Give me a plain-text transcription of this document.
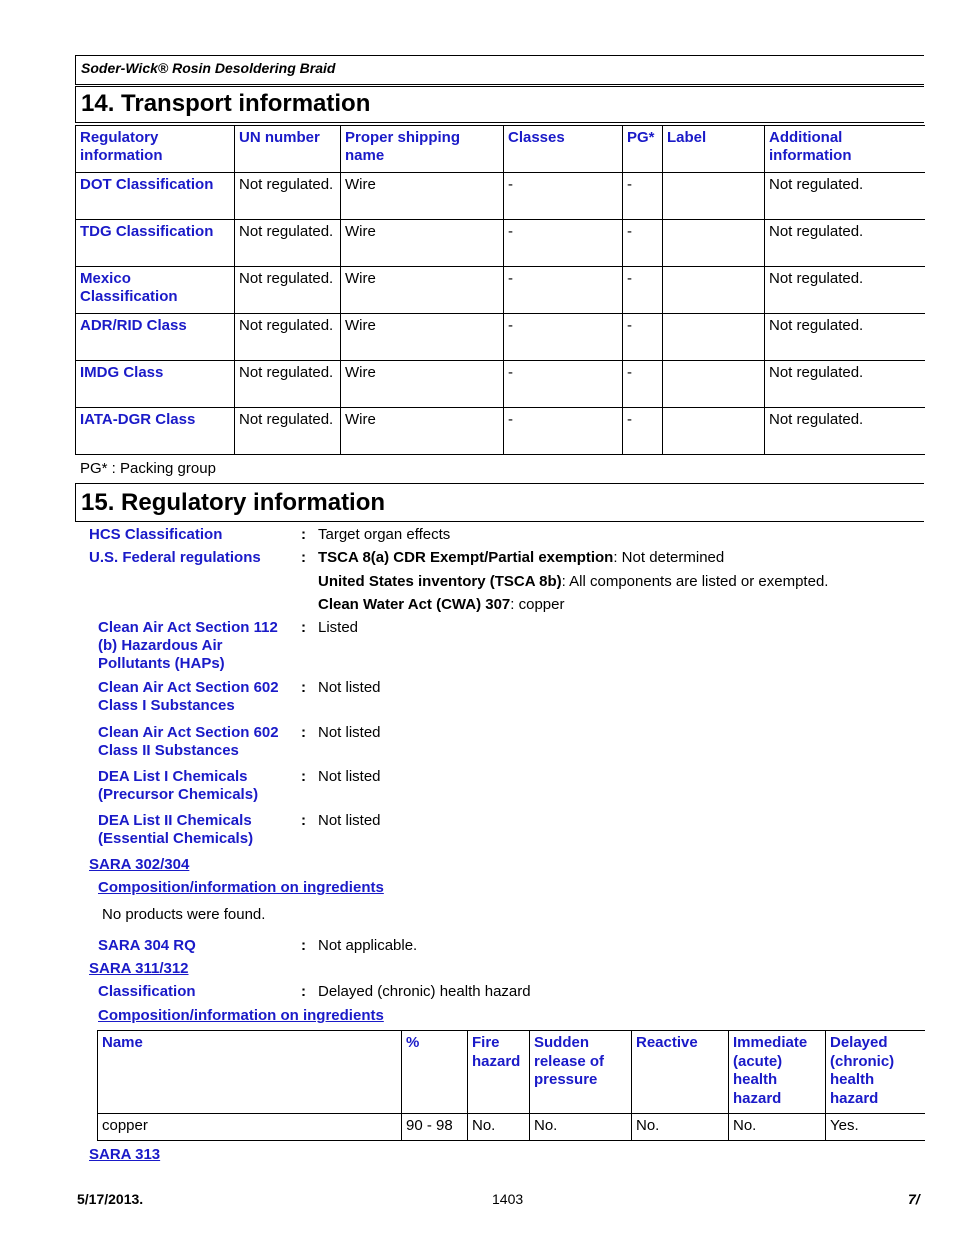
Soder-Wick® Rosin Desoldering Braid
14. Transport information
Regulatory information	UN number	Proper shipping name	Classes	PG*	Label	Additional information
DOT Classification	Not regulated.	Wire	-	-		Not regulated.
TDG Classification	Not regulated.	Wire	-	-		Not regulated.
Mexico Classification	Not regulated.	Wire	-	-		Not regulated.
ADR/RID Class	Not regulated.	Wire	-	-		Not regulated.
IMDG Class	Not regulated.	Wire	-	-		Not regulated.
IATA-DGR Class	Not regulated.	Wire	-	-		Not regulated.
PG* : Packing group
15. Regulatory information
HCS Classification	: Target organ effects
U.S. Federal regulations	: TSCA 8(a) CDR Exempt/Partial exemption: Not determined
United States inventory (TSCA 8b): All components are listed or exempted.
Clean Water Act (CWA) 307: copper
Clean Air Act Section 112 (b) Hazardous Air Pollutants (HAPs)
: Listed
Clean Air Act Section 602 Class I Substances
: Not listed
Clean Air Act Section 602 Class II Substances
: Not listed
DEA List I Chemicals (Precursor Chemicals)
: Not listed
DEA List II Chemicals (Essential Chemicals)
: Not listed
SARA 302/304
Composition/information on ingredients
No products were found.
SARA 304 RQ	: Not applicable.
SARA 311/312
Classification	: Delayed (chronic) health hazard
Composition/information on ingredients
Name	%	Fire hazard	Sudden release of pressure	Reactive	Immediate (acute) health hazard	Delayed (chronic) health hazard
copper	90 - 98	No.	No.	No.	No.	Yes.
SARA 313
5/17/2013.	1403	7/
